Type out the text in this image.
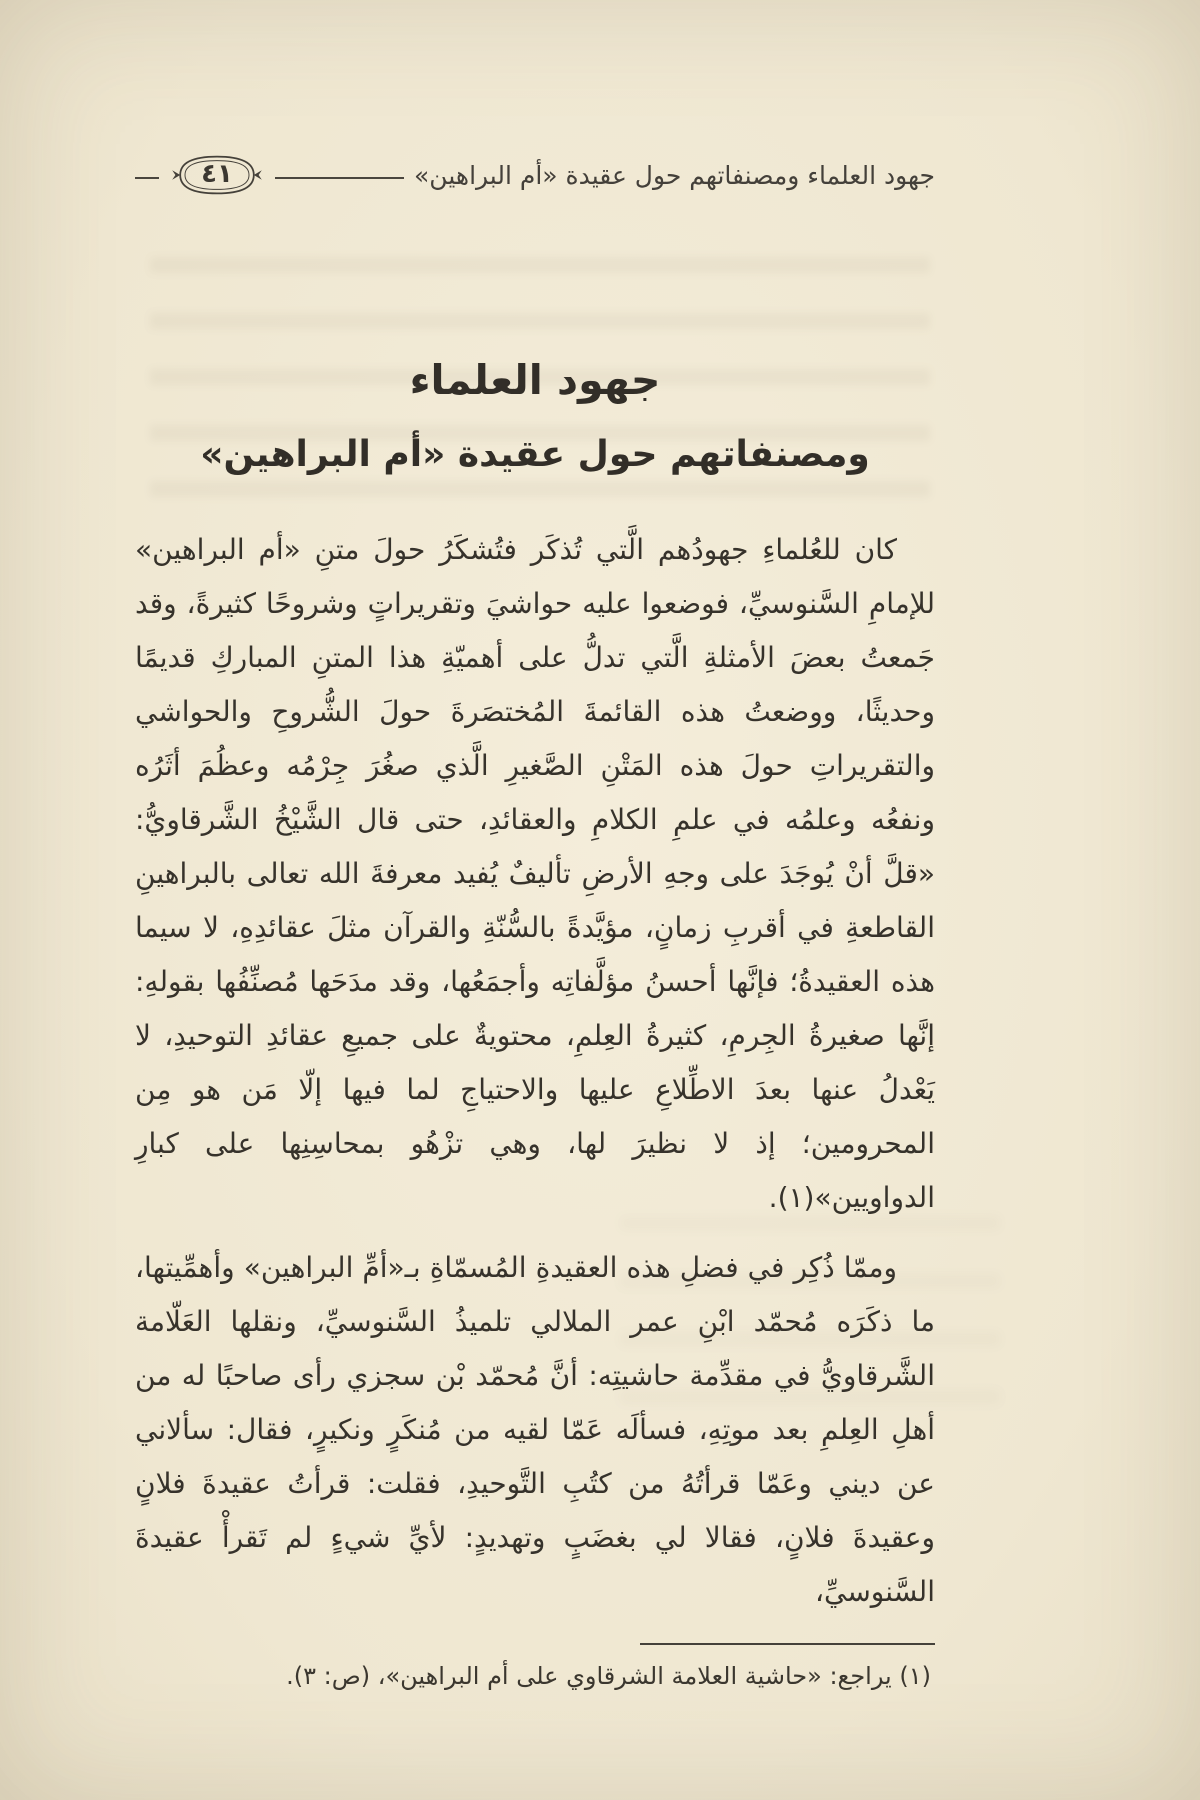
جهود العلماء ومصنفاتهم حول عقيدة «أم البراهين»
٤١
جهود العلماء
ومصنفاتهم حول عقيدة «أم البراهين»

كان للعُلماءِ جهودُهم الَّتي تُذكَر فتُشكَرُ حولَ متنِ «أم البراهين» للإمامِ السَّنوسيِّ، فوضعوا عليه حواشيَ وتقريراتٍ وشروحًا كثيرةً، وقد جَمعتُ بعضَ الأمثلةِ الَّتي تدلُّ على أهميّةِ هذا المتنِ المباركِ قديمًا وحديثًا، ووضعتُ هذه القائمةَ المُختصَرةَ حولَ الشُّروحِ والحواشي والتقريراتِ حولَ هذه المَتْنِ الصَّغيرِ الَّذي صغُرَ جِرْمُه وعظُمَ أثَرُه ونفعُه وعلمُه في علمِ الكلامِ والعقائدِ، حتى قال الشَّيْخُ الشَّرقاويُّ: «قلَّ أنْ يُوجَدَ على وجهِ الأرضِ تأليفٌ يُفيد معرفةَ الله تعالى بالبراهينِ القاطعةِ في أقربِ زمانٍ، مؤيَّدةً بالسُّنّةِ والقرآن مثلَ عقائدِهِ، لا سيما هذه العقيدةُ؛ فإنَّها أحسنُ مؤلَّفاتِه وأجمَعُها، وقد مدَحَها مُصنِّفُها بقولهِ: إنَّها صغيرةُ الجِرمِ، كثيرةُ العِلمِ، محتويةٌ على جميعِ عقائدِ التوحيدِ، لا يَعْدلُ عنها بعدَ الاطِّلاعِ عليها والاحتياجِ لما فيها إلّا مَن هو مِن المحرومين؛ إذ لا نظيرَ لها، وهي تزْهُو بمحاسِنِها على كبارِ الدواويين»(١).

وممّا ذُكِر في فضلِ هذه العقيدةِ المُسمّاةِ بـ«أمِّ البراهين» وأهمِّيتها، ما ذكَرَه مُحمّد ابْنِ عمر الملالي تلميذُ السَّنوسيِّ، ونقلها العَلّامة الشَّرقاويُّ في مقدِّمة حاشيتِه: أنَّ مُحمّد بْن سجزي رأى صاحبًا له من أهلِ العِلمِ بعد موتِهِ، فسألَه عَمّا لقيه من مُنكَرٍ ونكيرٍ، فقال: سألاني عن ديني وعَمّا قرأتُهُ من كتُبِ التَّوحيدِ، فقلت: قرأتُ عقيدةَ فلانٍ وعقيدةَ فلانٍ، فقالا لي بغضَبٍ وتهديدٍ: لأيِّ شيءٍ لم تَقرأْ عقيدةَ السَّنوسيِّ،

(١) يراجع: «حاشية العلامة الشرقاوي على أم البراهين»، (ص: ٣).
